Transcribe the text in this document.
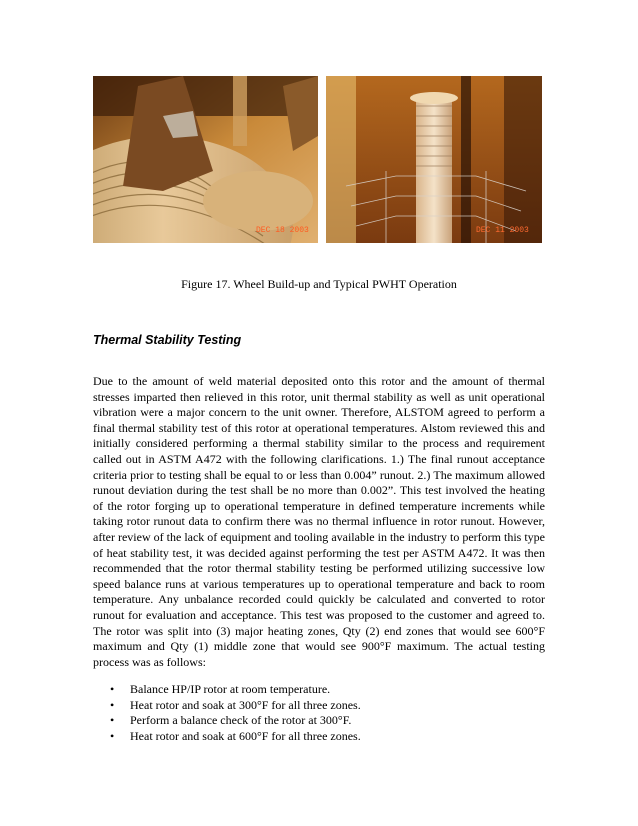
DEC 18 2003	DEC 11 2003
Figure 17. Wheel Build-up and Typical PWHT Operation
Thermal Stability Testing

Due to the amount of weld material deposited onto this rotor and the amount of thermal stresses imparted then relieved in this rotor, unit thermal stability as well as unit operational vibration were a major concern to the unit owner. Therefore, ALSTOM agreed to perform a final thermal stability test of this rotor at operational temperatures. Alstom reviewed this and initially considered performing a thermal stability similar to the process and requirement called out in ASTM A472 with the following clarifications. 1.) The final runout acceptance criteria prior to testing shall be equal to or less than 0.004” runout. 2.) The maximum allowed runout deviation during the test shall be no more than 0.002”. This test involved the heating of the rotor forging up to operational temperature in defined temperature increments while taking rotor runout data to confirm there was no thermal influence in rotor runout. However, after review of the lack of equipment and tooling available in the industry to perform this type of heat stability test, it was decided against performing the test per ASTM A472. It was then recommended that the rotor thermal stability testing be performed utilizing successive low speed balance runs at various temperatures up to operational temperature and back to room temperature. Any unbalance recorded could quickly be calculated and converted to rotor runout for evaluation and acceptance. This test was proposed to the customer and agreed to. The rotor was split into (3) major heating zones, Qty (2) end zones that would see 600°F maximum and Qty (1) middle zone that would see 900°F maximum. The actual testing process was as follows:

• Balance HP/IP rotor at room temperature.
• Heat rotor and soak at 300°F for all three zones.
• Perform a balance check of the rotor at 300°F.
• Heat rotor and soak at 600°F for all three zones.
